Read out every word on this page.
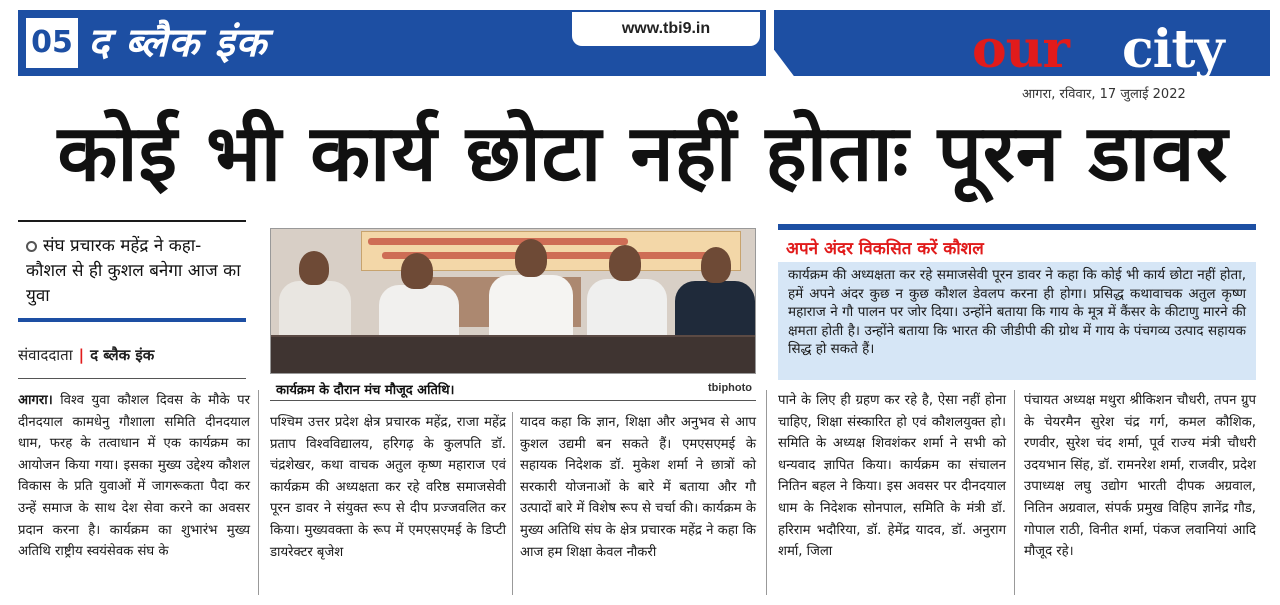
05 द ब्लैक इंक	www.tbi9.in	our city
आगरा, रविवार, 17 जुलाई 2022
कोई भी कार्य छोटा नहीं होताः पूरन डावर
संघ प्रचारक महेंद्र ने कहा- कौशल से ही कुशल बनेगा आज का युवा
संवाददाता | द ब्लैक इंक
कार्यक्रम के दौरान मंच मौजूद अतिथि।	tbiphoto
अपने अंदर विकसित करें कौशल

कार्यक्रम की अध्यक्षता कर रहे समाजसेवी पूरन डावर ने कहा कि कोई भी कार्य छोटा नहीं होता, हमें अपने अंदर कुछ न कुछ कौशल डेवलप करना ही होगा। प्रसिद्ध कथावाचक अतुल कृष्ण महाराज ने गौ पालन पर जोर दिया। उन्होंने बताया कि गाय के मूत्र में कैंसर के कीटाणु मारने की क्षमता होती है। उन्होंने बताया कि भारत की जीडीपी की ग्रोथ में गाय के पंचगव्य उत्पाद सहायक सिद्ध हो सकते हैं।

आगरा। विश्व युवा कौशल दिवस के मौके पर दीनदयाल कामधेनु गौशाला समिति दीनदयाल धाम, फरह के तत्वाधान में एक कार्यक्रम का आयोजन किया गया। इसका मुख्य उद्देश्य कौशल विकास के प्रति युवाओं में जागरूकता पैदा कर उन्हें समाज के साथ देश सेवा करने का अवसर प्रदान करना है। कार्यक्रम का शुभारंभ मुख्य अतिथि राष्ट्रीय स्वयंसेवक संघ के
पश्चिम उत्तर प्रदेश क्षेत्र प्रचारक महेंद्र, राजा महेंद्र प्रताप विश्वविद्यालय, हरिगढ़ के कुलपति डॉ. चंद्रशेखर, कथा वाचक अतुल कृष्ण महाराज एवं कार्यक्रम की अध्यक्षता कर रहे वरिष्ठ समाजसेवी पूरन डावर ने संयुक्त रूप से दीप प्रज्जवलित कर किया। मुख्यवक्ता के रूप में एमएसएमई के डिप्टी डायरेक्टर बृजेश
यादव कहा कि ज्ञान, शिक्षा और अनुभव से आप कुशल उद्यमी बन सकते हैं। एमएसएमई के सहायक निदेशक डॉ. मुकेश शर्मा ने छात्रों को सरकारी योजनाओं के बारे में बताया और गौ उत्पादों बारे में विशेष रूप से चर्चा की। कार्यक्रम के मुख्य अतिथि संघ के क्षेत्र प्रचारक महेंद्र ने कहा कि आज हम शिक्षा केवल नौकरी
पाने के लिए ही ग्रहण कर रहे है, ऐसा नहीं होना चाहिए, शिक्षा संस्कारित हो एवं कौशलयुक्त हो। समिति के अध्यक्ष शिवशंकर शर्मा ने सभी को धन्यवाद ज्ञापित किया। कार्यक्रम का संचालन नितिन बहल ने किया। इस अवसर पर दीनदयाल धाम के निदेशक सोनपाल, समिति के मंत्री डॉ. हरिराम भदौरिया, डॉ. हेमेंद्र यादव, डॉ. अनुराग शर्मा, जिला
पंचायत अध्यक्ष मथुरा श्रीकिशन चौधरी, तपन ग्रुप के चेयरमैन सुरेश चंद्र गर्ग, कमल कौशिक, रणवीर, सुरेश चंद शर्मा, पूर्व राज्य मंत्री चौधरी उदयभान सिंह, डॉ. रामनरेश शर्मा, राजवीर, प्रदेश उपाध्यक्ष लघु उद्योग भारती दीपक अग्रवाल, नितिन अग्रवाल, संपर्क प्रमुख विहिप ज्ञानेंद्र गौड, गोपाल राठी, विनीत शर्मा, पंकज लवानियां आदि मौजूद रहे।
